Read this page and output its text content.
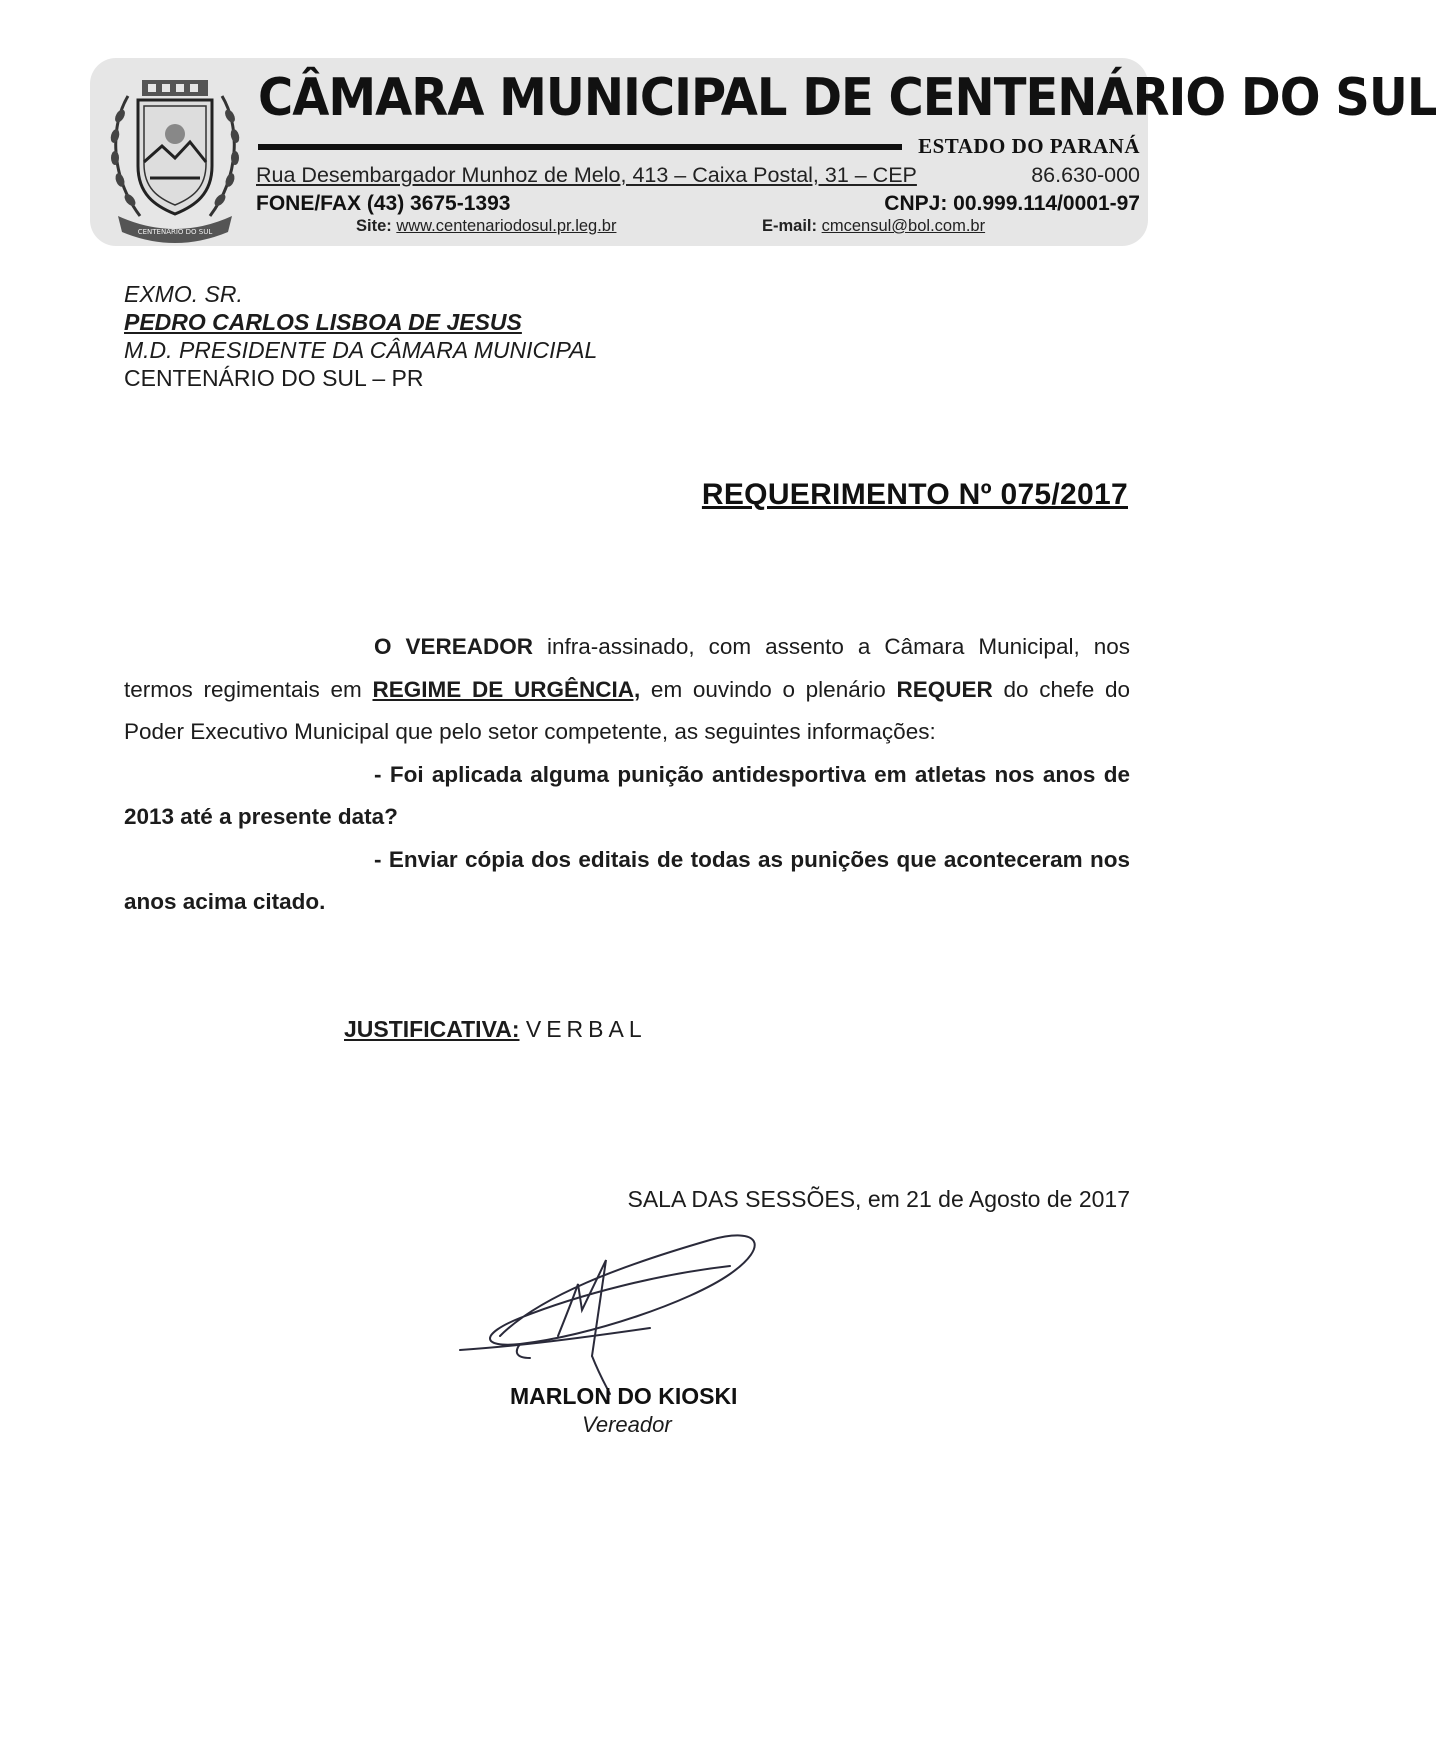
CENTENÁRIO DO SUL
CÂMARA MUNICIPAL DE CENTENÁRIO DO SUL
ESTADO DO PARANÁ
Rua Desembargador Munhoz de Melo, 413 – Caixa Postal, 31 – CEP	86.630-000
FONE/FAX (43) 3675-1393	CNPJ: 00.999.114/0001-97
Site: www.centenariodosul.pr.leg.br	E-mail: cmcensul@bol.com.br
EXMO. SR.
PEDRO CARLOS LISBOA DE JESUS
M.D. PRESIDENTE DA CÂMARA MUNICIPAL
CENTENÁRIO DO SUL – PR
REQUERIMENTO Nº 075/2017

O VEREADOR infra-assinado, com assento a Câmara Municipal, nos termos regimentais em REGIME DE URGÊNCIA, em ouvindo o plenário REQUER do chefe do Poder Executivo Municipal que pelo setor competente, as seguintes informações:

- Foi aplicada alguma punição antidesportiva em atletas nos anos de 2013 até a presente data?

- Enviar cópia dos editais de todas as punições que aconteceram nos anos acima citado.

JUSTIFICATIVA: VERBAL
SALA DAS SESSÕES, em 21 de Agosto de 2017
MARLON DO KIOSKI
Vereador
